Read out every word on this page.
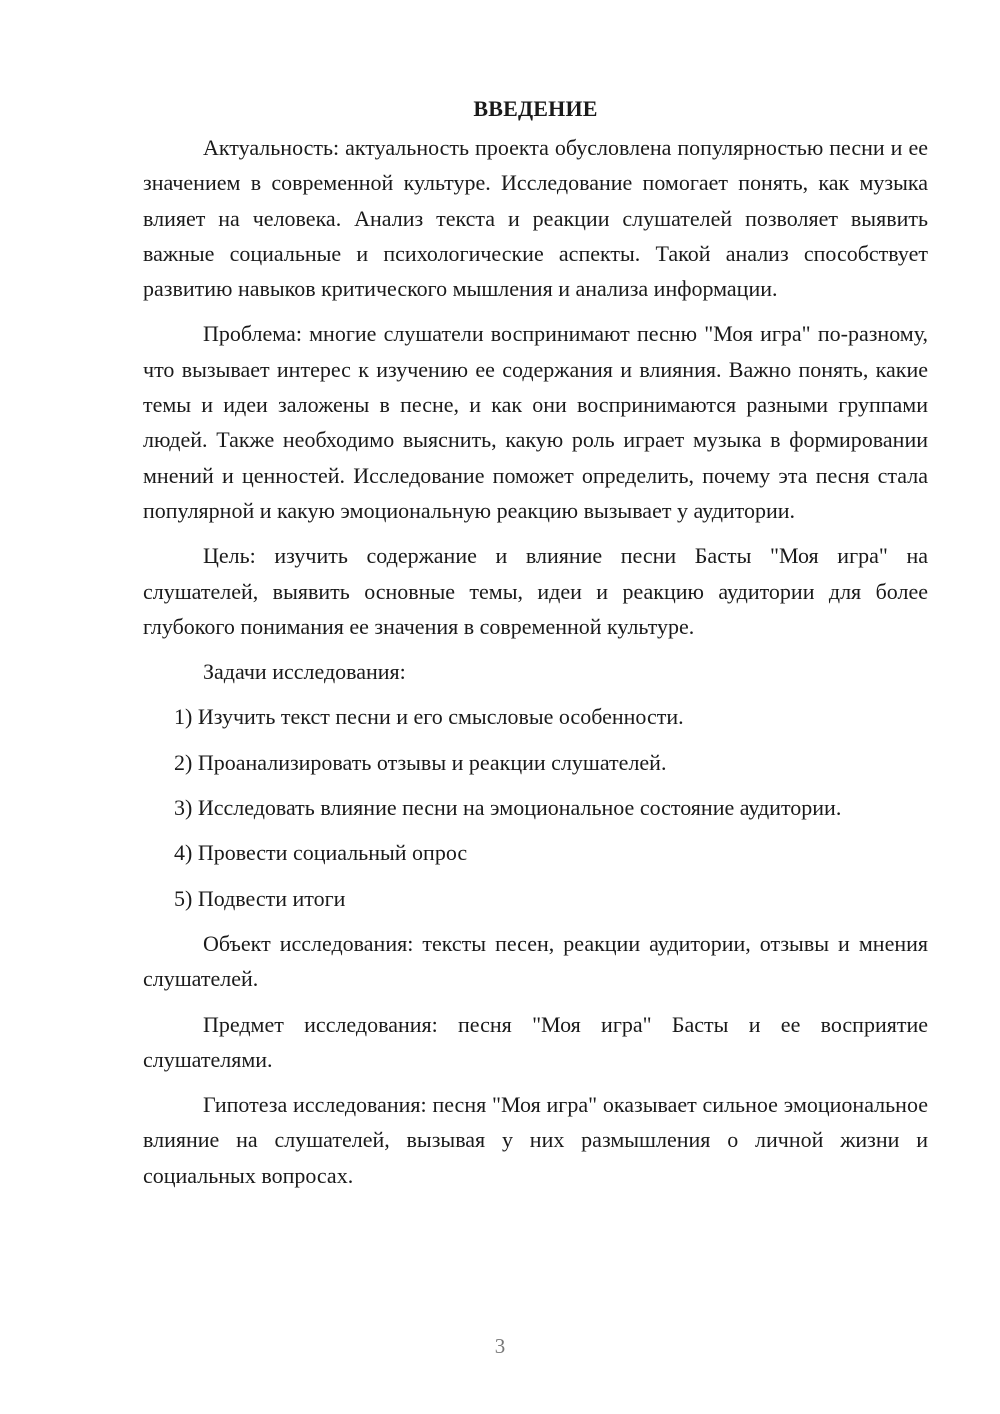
ВВЕДЕНИЕ

Актуальность: актуальность проекта обусловлена популярностью песни и ее значением в современной культуре. Исследование помогает понять, как музыка влияет на человека. Анализ текста и реакции слушателей позволяет выявить важные социальные и психологические аспекты. Такой анализ способствует развитию навыков критического мышления и анализа информации.

Проблема: многие слушатели воспринимают песню "Моя игра" по-разному, что вызывает интерес к изучению ее содержания и влияния. Важно понять, какие темы и идеи заложены в песне, и как они воспринимаются разными группами людей. Также необходимо выяснить, какую роль играет музыка в формировании мнений и ценностей. Исследование поможет определить, почему эта песня стала популярной и какую эмоциональную реакцию вызывает у аудитории.

Цель: изучить содержание и влияние песни Басты "Моя игра" на слушателей, выявить основные темы, идеи и реакцию аудитории для более глубокого понимания ее значения в современной культуре.

Задачи исследования:

1) Изучить текст песни и его смысловые особенности.

2) Проанализировать отзывы и реакции слушателей.

3) Исследовать влияние песни на эмоциональное состояние аудитории.

4) Провести социальный опрос

5) Подвести итоги

Объект исследования: тексты песен, реакции аудитории, отзывы и мнения слушателей.

Предмет исследования: песня "Моя игра" Басты и ее восприятие слушателями.

Гипотеза исследования: песня "Моя игра" оказывает сильное эмоциональное влияние на слушателей, вызывая у них размышления о личной жизни и социальных вопросах.

3
